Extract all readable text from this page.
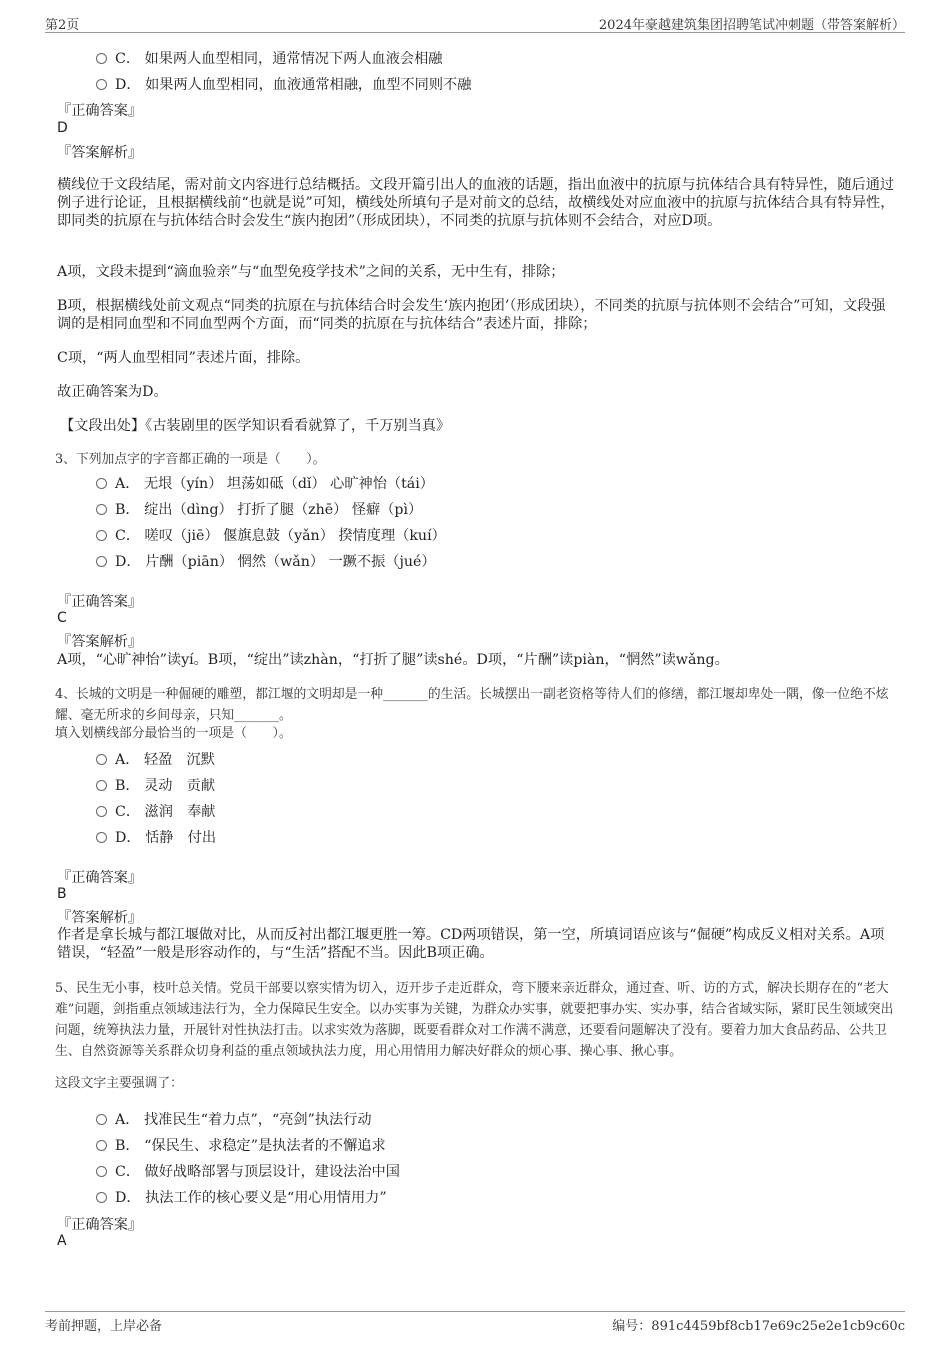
第2页	2024年豪越建筑集团招聘笔试冲刺题（带答案解析）
C． 如果两人血型相同，通常情况下两人血液会相融
D． 如果两人血型相同，血液通常相融，血型不同则不融
『正确答案』
D
『答案解析』
横线位于文段结尾，需对前文内容进行总结概括。文段开篇引出人的血液的话题，指出血液中的抗原与抗体结合具有特异性，随后通过例子进行论证，且根据横线前“也就是说”可知，横线处所填句子是对前文的总结，故横线处对应血液中的抗原与抗体结合具有特异性，即同类的抗原在与抗体结合时会发生“族内抱团”（形成团块），不同类的抗原与抗体则不会结合，对应D项。
A项，文段未提到“滴血验亲”与“血型免疫学技术”之间的关系，无中生有，排除；
B项，根据横线处前文观点“同类的抗原在与抗体结合时会发生‘族内抱团’（形成团块），不同类的抗原与抗体则不会结合”可知，文段强调的是相同血型和不同血型两个方面，而“同类的抗原在与抗体结合”表述片面，排除；
C项，“两人血型相同”表述片面，排除。
故正确答案为D。
【文段出处】《古装剧里的医学知识看看就算了，千万别当真》
3、下列加点字的字音都正确的一项是（　　）。
A． 无垠（yín） 坦荡如砥（dǐ） 心旷神怡（tái）
B． 绽出（dìng） 打折了腿（zhē） 怪癖（pì）
C． 嗟叹（jiē） 偃旗息鼓（yǎn） 揆情度理（kuí）
D． 片酬（piān） 惘然（wǎn） 一蹶不振（jué）
『正确答案』
C
『答案解析』
A项，“心旷神怡”读yí。B项，“绽出”读zhàn，“打折了腿”读shé。D项，“片酬”读piàn，“惘然”读wǎng。
4、长城的文明是一种倔硬的雕塑，都江堰的文明却是一种_______的生活。长城摆出一副老资格等待人们的修缮，都江堰却卑处一隅，像一位绝不炫耀、毫无所求的乡间母亲，只知_______。
填入划横线部分最恰当的一项是（　　）。
A． 轻盈　沉默
B． 灵动　贡献
C． 滋润　奉献
D． 恬静　付出
『正确答案』
B
『答案解析』
作者是拿长城与都江堰做对比，从而反衬出都江堰更胜一筹。CD两项错误，第一空，所填词语应该与“倔硬”构成反义相对关系。A项错误，“轻盈”一般是形容动作的，与“生活”搭配不当。因此B项正确。
5、民生无小事，枝叶总关情。党员干部要以察实情为切入，迈开步子走近群众，弯下腰来亲近群众，通过查、听、访的方式，解决长期存在的“老大难”问题，剑指重点领域违法行为，全力保障民生安全。以办实事为关键，为群众办实事，就要把事办实、实办事，结合省域实际，紧盯民生领域突出问题，统筹执法力量，开展针对性执法打击。以求实效为落脚，既要看群众对工作满不满意，还要看问题解决了没有。要着力加大食品药品、公共卫生、自然资源等关系群众切身利益的重点领域执法力度，用心用情用力解决好群众的烦心事、操心事、揪心事。
这段文字主要强调了：
A． 找准民生“着力点”，“亮剑”执法行动
B． “保民生、求稳定”是执法者的不懈追求
C． 做好战略部署与顶层设计，建设法治中国
D． 执法工作的核心要义是“用心用情用力”
『正确答案』
A
考前押题，上岸必备	编号：891c4459bf8cb17e69c25e2e1cb9c60c
